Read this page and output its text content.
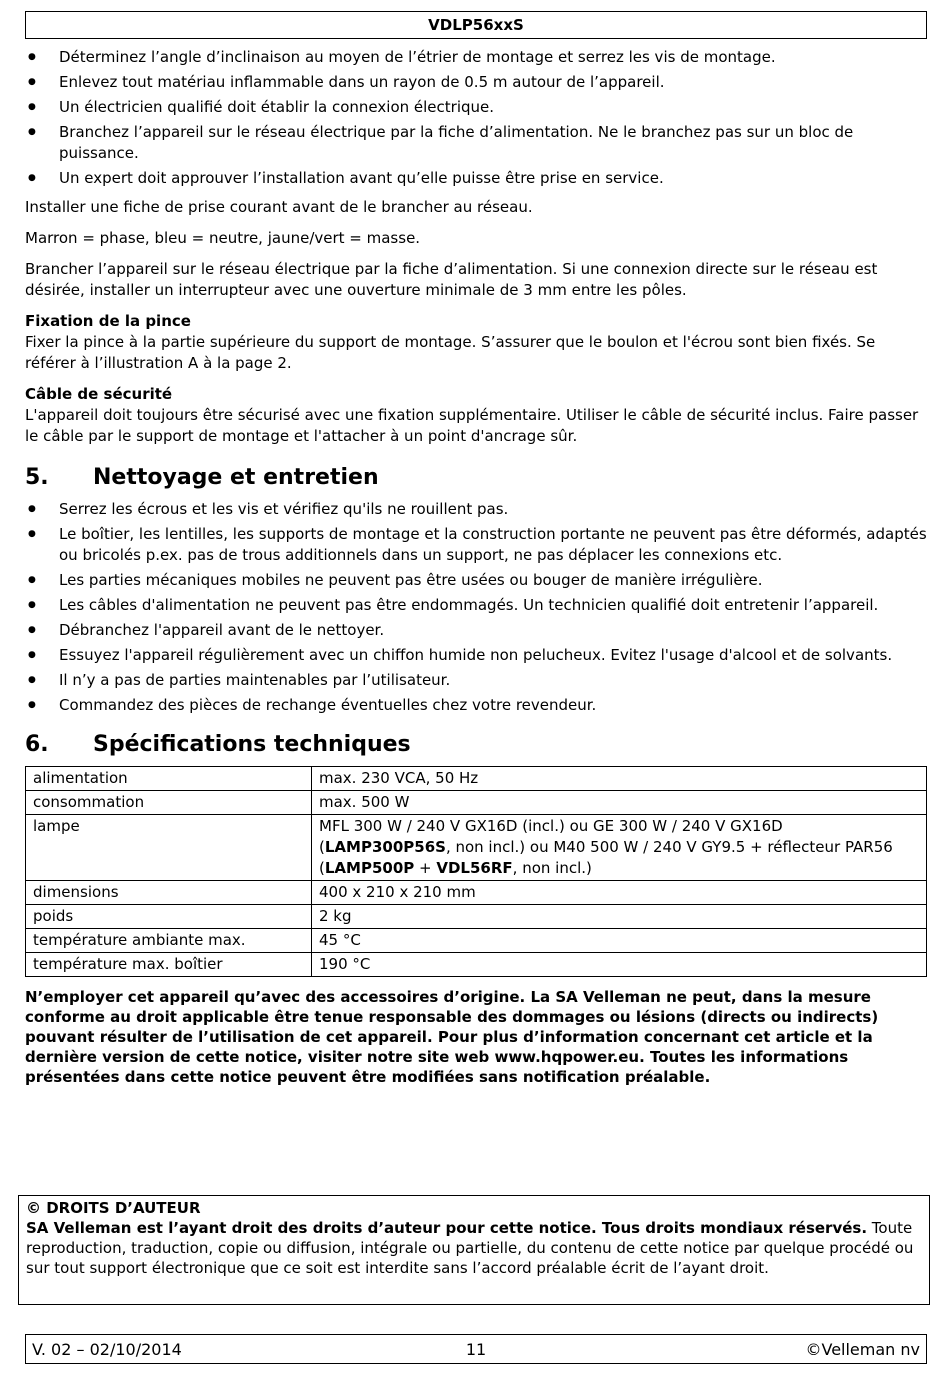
VDLP56xxS
● Déterminez l’angle d’inclinaison au moyen de l’étrier de montage et serrez les vis de montage.
● Enlevez tout matériau inflammable dans un rayon de 0.5 m autour de l’appareil.
● Un électricien qualifié doit établir la connexion électrique.
● Branchez l’appareil sur le réseau électrique par la fiche d’alimentation. Ne le branchez pas sur un bloc de puissance.
● Un expert doit approuver l’installation avant qu’elle puisse être prise en service.

Installer une fiche de prise courant avant de le brancher au réseau.

Marron = phase, bleu = neutre, jaune/vert = masse.

Brancher l’appareil sur le réseau électrique par la fiche d’alimentation. Si une connexion directe sur le réseau est désirée, installer un interrupteur avec une ouverture minimale de 3 mm entre les pôles.

Fixation de la pince
Fixer la pince à la partie supérieure du support de montage. S’assurer que le boulon et l'écrou sont bien fixés. Se référer à l’illustration A à la page 2.
Câble de sécurité
L'appareil doit toujours être sécurisé avec une fixation supplémentaire. Utiliser le câble de sécurité inclus. Faire passer le câble par le support de montage et l'attacher à un point d'ancrage sûr.
5.	Nettoyage et entretien
● Serrez les écrous et les vis et vérifiez qu'ils ne rouillent pas.
● Le boîtier, les lentilles, les supports de montage et la construction portante ne peuvent pas être déformés, adaptés ou bricolés p.ex. pas de trous additionnels dans un support, ne pas déplacer les connexions etc.
● Les parties mécaniques mobiles ne peuvent pas être usées ou bouger de manière irrégulière.
● Les câbles d'alimentation ne peuvent pas être endommagés. Un technicien qualifié doit entretenir l’appareil.
● Débranchez l'appareil avant de le nettoyer.
● Essuyez l'appareil régulièrement avec un chiffon humide non pelucheux. Evitez l'usage d'alcool et de solvants.
● Il n’y a pas de parties maintenables par l’utilisateur.
● Commandez des pièces de rechange éventuelles chez votre revendeur.
6.	Spécifications techniques
alimentation	max. 230 VCA, 50 Hz
consommation	max. 500 W
lampe	MFL 300 W / 240 V GX16D (incl.) ou GE 300 W / 240 V GX16D (LAMP300P56S, non incl.) ou M40 500 W / 240 V GY9.5 + réflecteur PAR56 (LAMP500P + VDL56RF, non incl.)
dimensions	400 x 210 x 210 mm
poids	2 kg
température ambiante max.	45 °C
température max. boîtier	190 °C

N’employer cet appareil qu’avec des accessoires d’origine. La SA Velleman ne peut, dans la mesure conforme au droit applicable être tenue responsable des dommages ou lésions (directs ou indirects) pouvant résulter de l’utilisation de cet appareil. Pour plus d’information concernant cet article et la dernière version de cette notice, visiter notre site web www.hqpower.eu. Toutes les informations présentées dans cette notice peuvent être modifiées sans notification préalable.

© DROITS D’AUTEUR
SA Velleman est l’ayant droit des droits d’auteur pour cette notice. Tous droits mondiaux réservés. Toute reproduction, traduction, copie ou diffusion, intégrale ou partielle, du contenu de cette notice par quelque procédé ou sur tout support électronique que ce soit est interdite sans l’accord préalable écrit de l’ayant droit.
V. 02 – 02/10/2014	11	©Velleman nv
